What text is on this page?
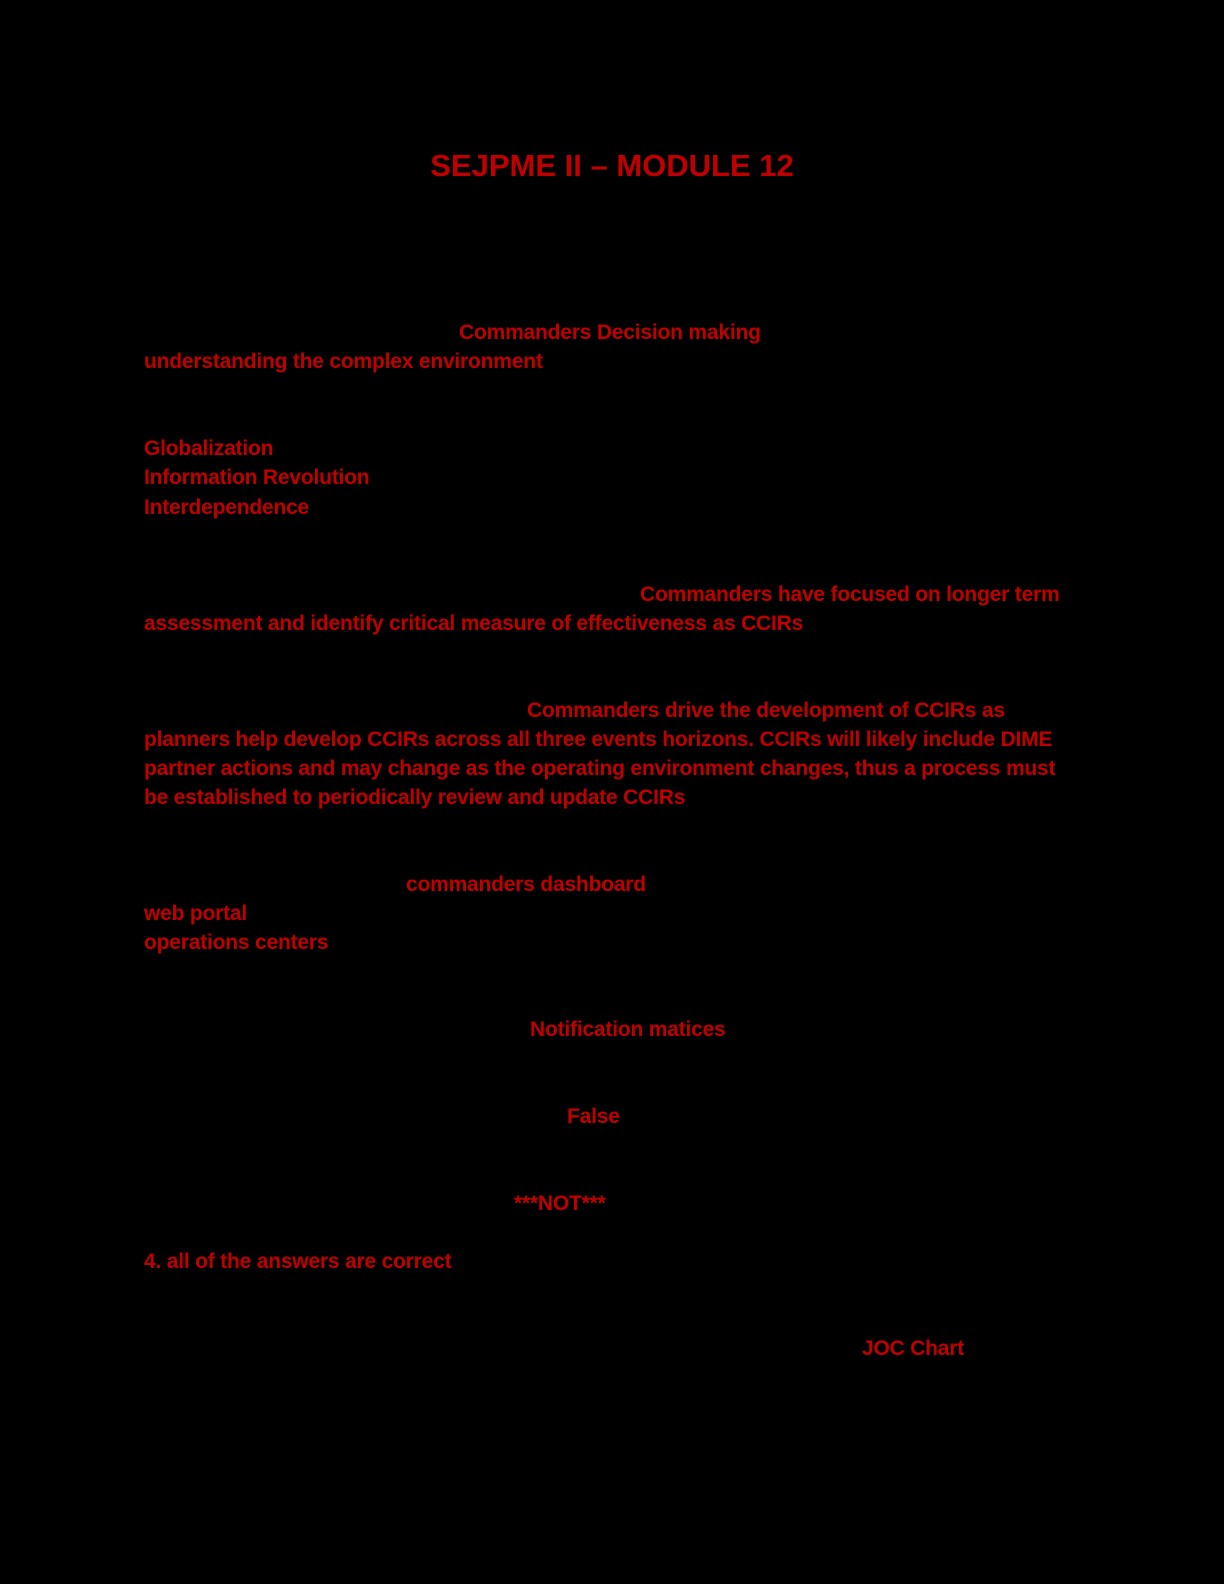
SEJPME II – MODULE 12
Commanders Decision making
understanding the complex environment
Globalization
Information Revolution
Interdependence
Commanders have focused on longer term
assessment and identify critical measure of effectiveness as CCIRs
Commanders drive the development of CCIRs as
planners help develop CCIRs across all three events horizons. CCIRs will likely include DIME
partner actions and may change as the operating environment changes, thus a process must
be established to periodically review and update CCIRs
commanders dashboard
web portal
operations centers
Notification matices
False
***NOT***
4. all of the answers are correct
JOC Chart
